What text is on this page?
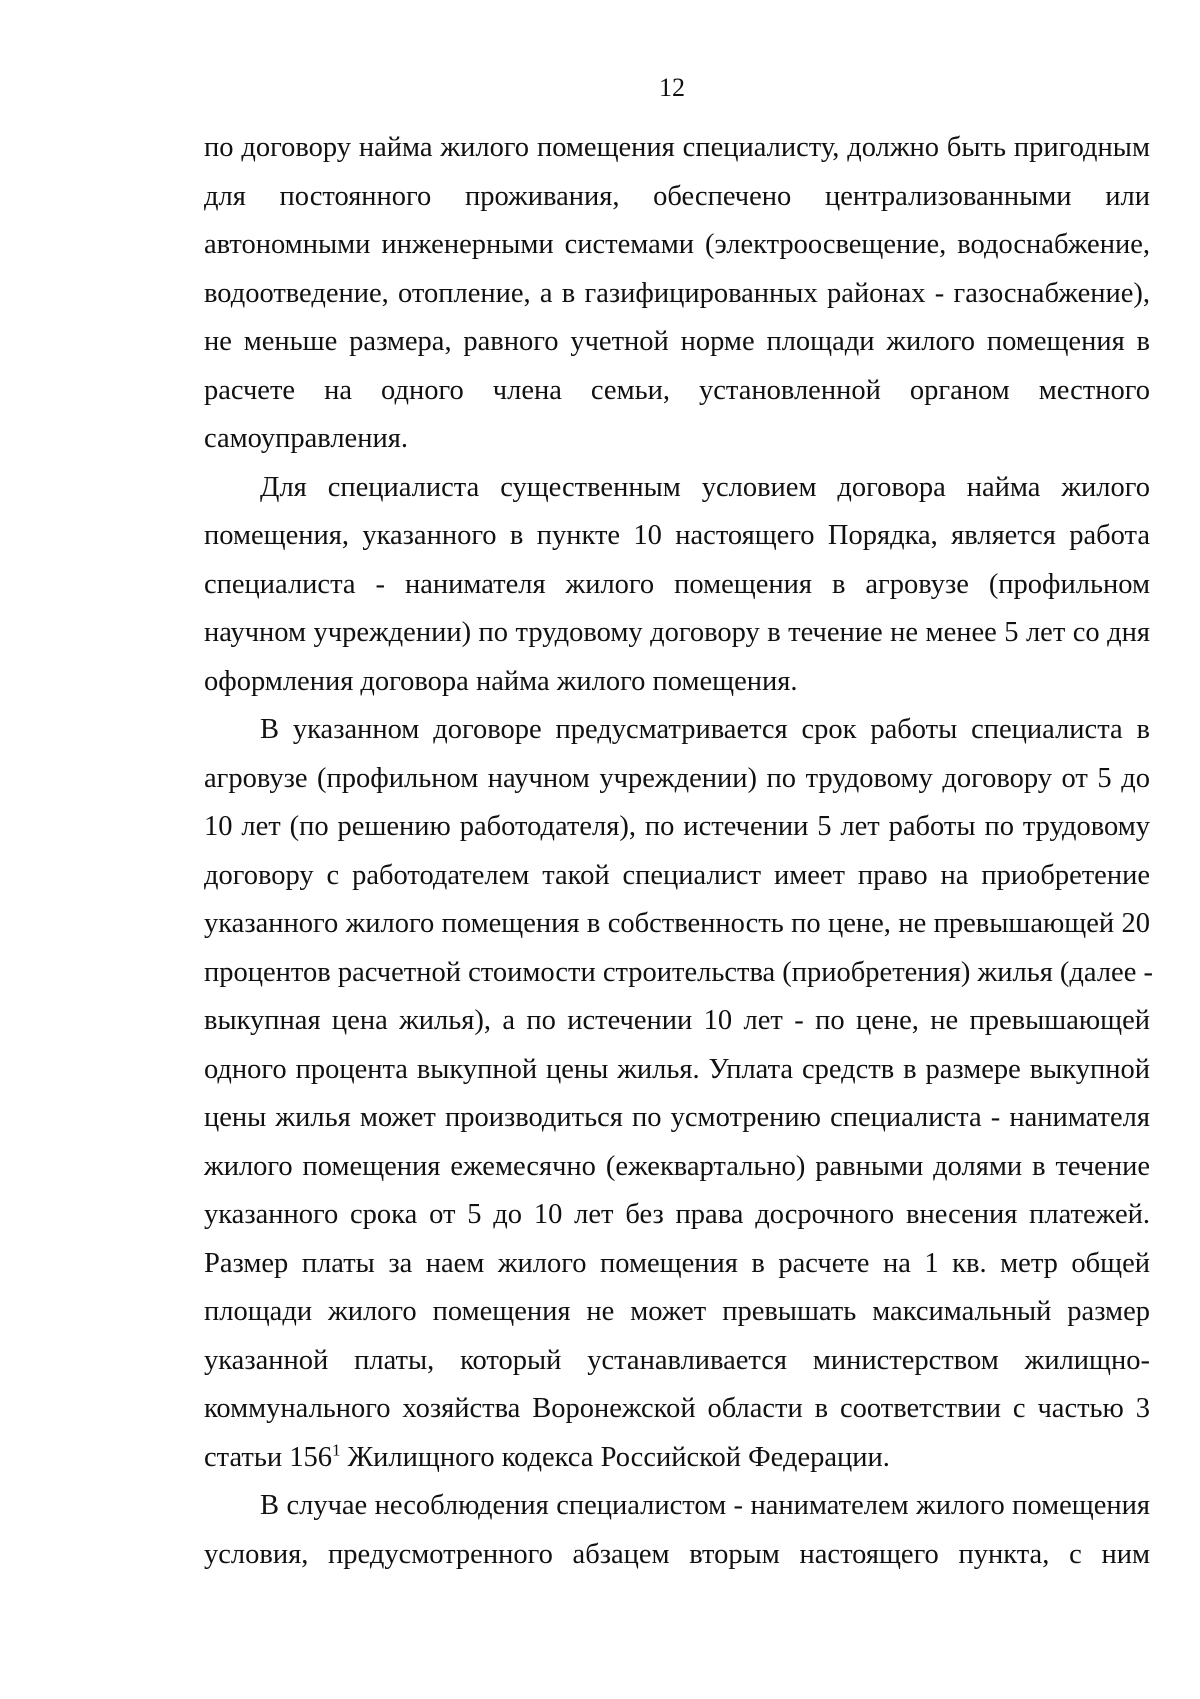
12
по договору найма жилого помещения специалисту, должно быть пригодным
для постоянного проживания, обеспечено централизованными или
автономными инженерными системами (электроосвещение, водоснабжение,
водоотведение, отопление, а в газифицированных районах - газоснабжение),
не меньше размера, равного учетной норме площади жилого помещения в
расчете на одного члена семьи, установленной органом местного
самоуправления.
Для специалиста существенным условием договора найма жилого
помещения, указанного в пункте 10 настоящего Порядка, является работа
специалиста - нанимателя жилого помещения в агровузе (профильном
научном учреждении) по трудовому договору в течение не менее 5 лет со дня
оформления договора найма жилого помещения.
В указанном договоре предусматривается срок работы специалиста в
агровузе (профильном научном учреждении) по трудовому договору от 5 до
10 лет (по решению работодателя), по истечении 5 лет работы по трудовому
договору с работодателем такой специалист имеет право на приобретение
указанного жилого помещения в собственность по цене, не превышающей 20
процентов расчетной стоимости строительства (приобретения) жилья (далее -
выкупная цена жилья), а по истечении 10 лет - по цене, не превышающей
одного процента выкупной цены жилья. Уплата средств в размере выкупной
цены жилья может производиться по усмотрению специалиста - нанимателя
жилого помещения ежемесячно (ежеквартально) равными долями в течение
указанного срока от 5 до 10 лет без права досрочного внесения платежей.
Размер платы за наем жилого помещения в расчете на 1 кв. метр общей
площади жилого помещения не может превышать максимальный размер
указанной платы, который устанавливается министерством жилищно-
коммунального хозяйства Воронежской области в соответствии с частью 3
статьи $156^1$ Жилищного кодекса Российской Федерации.
В случае несоблюдения специалистом - нанимателем жилого помещения
условия, предусмотренного абзацем вторым настоящего пункта, с ним
